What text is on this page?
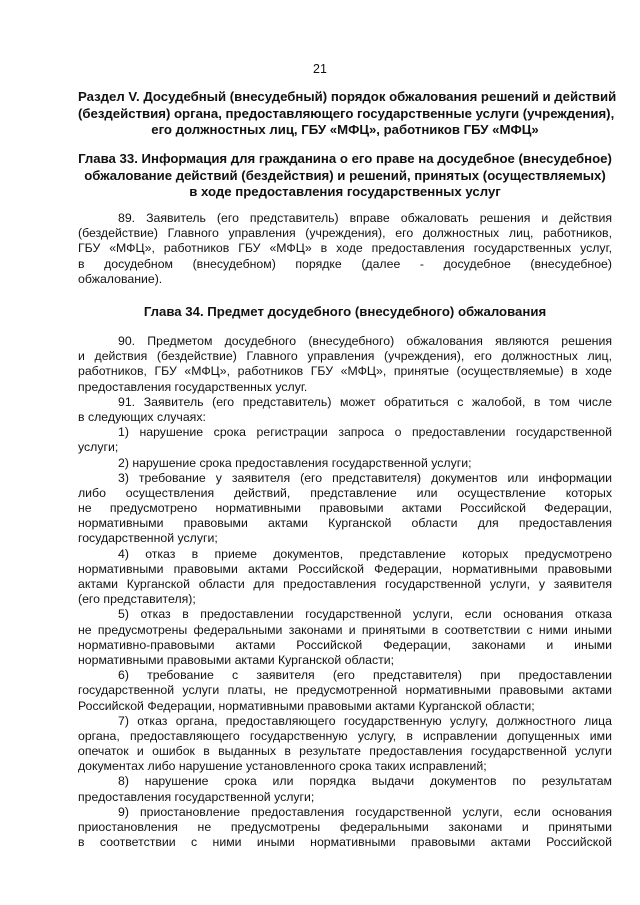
21
Раздел V. Досудебный (внесудебный) порядок обжалования решений и действий
(бездействия) органа, предоставляющего государственные услуги (учреждения),
его должностных лиц, ГБУ «МФЦ», работников ГБУ «МФЦ»
Глава 33. Информация для гражданина о его праве на досудебное (внесудебное)
обжалование действий (бездействия) и решений, принятых (осуществляемых)
в ходе предоставления государственных услуг
89. Заявитель (его представитель) вправе обжаловать решения и действия
(бездействие) Главного управления (учреждения), его должностных лиц, работников,
ГБУ «МФЦ», работников ГБУ «МФЦ» в ходе предоставления государственных услуг,
в досудебном (внесудебном) порядке (далее - досудебное (внесудебное)
обжалование).
Глава 34. Предмет досудебного (внесудебного) обжалования
90. Предметом досудебного (внесудебного) обжалования являются решения
и действия (бездействие) Главного управления (учреждения), его должностных лиц,
работников, ГБУ «МФЦ», работников ГБУ «МФЦ», принятые (осуществляемые) в ходе
предоставления государственных услуг.
91. Заявитель (его представитель) может обратиться с жалобой, в том числе
в следующих случаях:
1) нарушение срока регистрации запроса о предоставлении государственной
услуги;
2) нарушение срока предоставления государственной услуги;
3) требование у заявителя (его представителя) документов или информации
либо осуществления действий, представление или осуществление которых
не предусмотрено нормативными правовыми актами Российской Федерации,
нормативными правовыми актами Курганской области для предоставления
государственной услуги;
4) отказ в приеме документов, представление которых предусмотрено
нормативными правовыми актами Российской Федерации, нормативными правовыми
актами Курганской области для предоставления государственной услуги, у заявителя
(его представителя);
5) отказ в предоставлении государственной услуги, если основания отказа
не предусмотрены федеральными законами и принятыми в соответствии с ними иными
нормативно-правовыми актами Российской Федерации, законами и иными
нормативными правовыми актами Курганской области;
6) требование с заявителя (его представителя) при предоставлении
государственной услуги платы, не предусмотренной нормативными правовыми актами
Российской Федерации, нормативными правовыми актами Курганской области;
7) отказ органа, предоставляющего государственную услугу, должностного лица
органа, предоставляющего государственную услугу, в исправлении допущенных ими
опечаток и ошибок в выданных в результате предоставления государственной услуги
документах либо нарушение установленного срока таких исправлений;
8) нарушение срока или порядка выдачи документов по результатам
предоставления государственной услуги;
9) приостановление предоставления государственной услуги, если основания
приостановления не предусмотрены федеральными законами и принятыми
в соответствии с ними иными нормативными правовыми актами Российской
